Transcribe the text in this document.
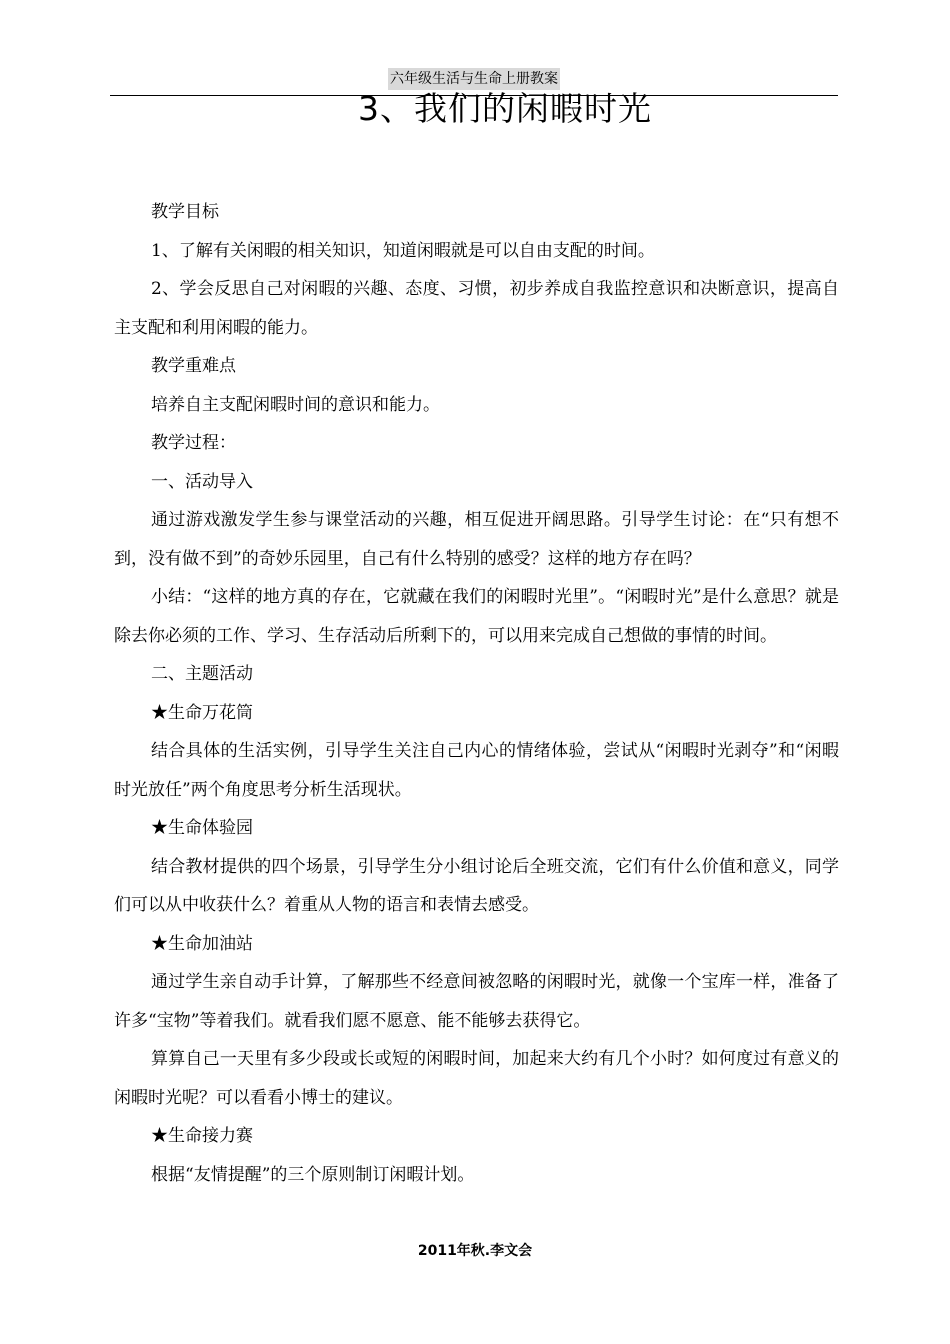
六年级生活与生命上册教案
3、我们的闲暇时光

教学目标

1、了解有关闲暇的相关知识，知道闲暇就是可以自由支配的时间。

2、学会反思自己对闲暇的兴趣、态度、习惯，初步养成自我监控意识和决断意识，提高自主支配和利用闲暇的能力。

教学重难点

培养自主支配闲暇时间的意识和能力。

教学过程：

一、活动导入

通过游戏激发学生参与课堂活动的兴趣，相互促进开阔思路。引导学生讨论：在“只有想不到，没有做不到”的奇妙乐园里，自己有什么特别的感受？这样的地方存在吗？

小结：“这样的地方真的存在，它就藏在我们的闲暇时光里”。“闲暇时光”是什么意思？就是除去你必须的工作、学习、生存活动后所剩下的，可以用来完成自己想做的事情的时间。

二、主题活动

★生命万花筒

结合具体的生活实例，引导学生关注自己内心的情绪体验，尝试从“闲暇时光剥夺”和“闲暇时光放任”两个角度思考分析生活现状。

★生命体验园

结合教材提供的四个场景，引导学生分小组讨论后全班交流，它们有什么价值和意义，同学们可以从中收获什么？着重从人物的语言和表情去感受。

★生命加油站

通过学生亲自动手计算，了解那些不经意间被忽略的闲暇时光，就像一个宝库一样，准备了许多“宝物”等着我们。就看我们愿不愿意、能不能够去获得它。

算算自己一天里有多少段或长或短的闲暇时间，加起来大约有几个小时？如何度过有意义的闲暇时光呢？可以看看小博士的建议。

★生命接力赛

根据“友情提醒”的三个原则制订闲暇计划。

2011年秋.李文会
